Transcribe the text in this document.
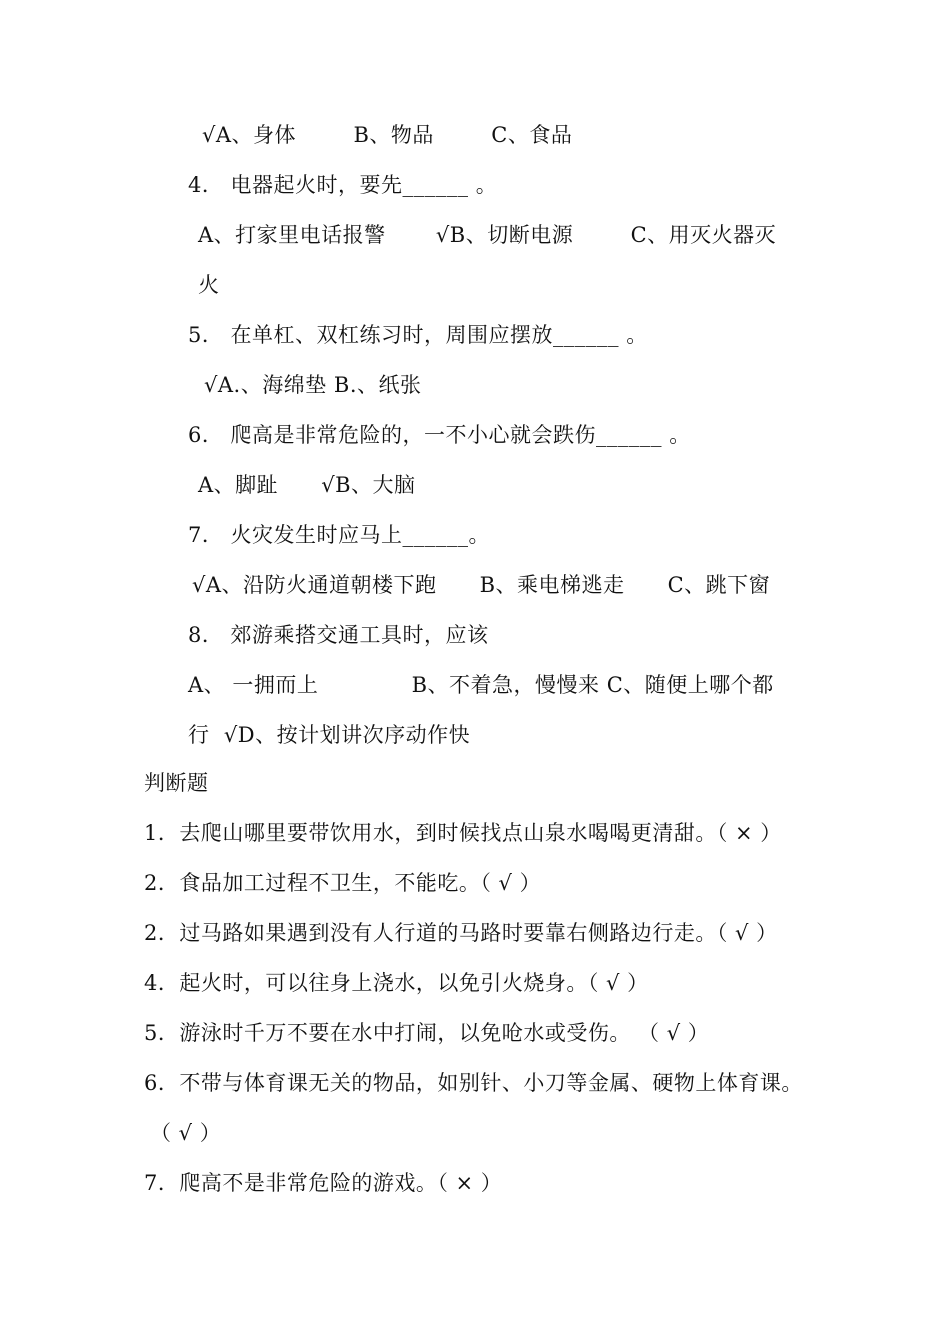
√A、身体        B、物品        C、食品
4． 电器起火时，要先______ 。
A、打家里电话报警       √B、切断电源        C、用灭火器灭
火
5． 在单杠、双杠练习时，周围应摆放______ 。
√A.、海绵垫 B.、纸张
6． 爬高是非常危险的，一不小心就会跌伤______ 。
A、脚趾      √B、大脑
7． 火灾发生时应马上______。
√A、沿防火通道朝楼下跑      B、乘电梯逃走      C、跳下窗
8． 郊游乘搭交通工具时，应该
A、 一拥而上             B、不着急，慢慢来 C、随便上哪个都
行  √D、按计划讲次序动作快
判断题
1．去爬山哪里要带饮用水，到时候找点山泉水喝喝更清甜。（ × ）
2．食品加工过程不卫生，不能吃。（ √ ）
2．过马路如果遇到没有人行道的马路时要靠右侧路边行走。（ √ ）
4．起火时，可以往身上浇水，以免引火烧身。（ √ ）
5．游泳时千万不要在水中打闹，以免呛水或受伤。 （ √ ）
6．不带与体育课无关的物品，如别针、小刀等金属、硬物上体育课。
（ √ ）
7．爬高不是非常危险的游戏。（ × ）
